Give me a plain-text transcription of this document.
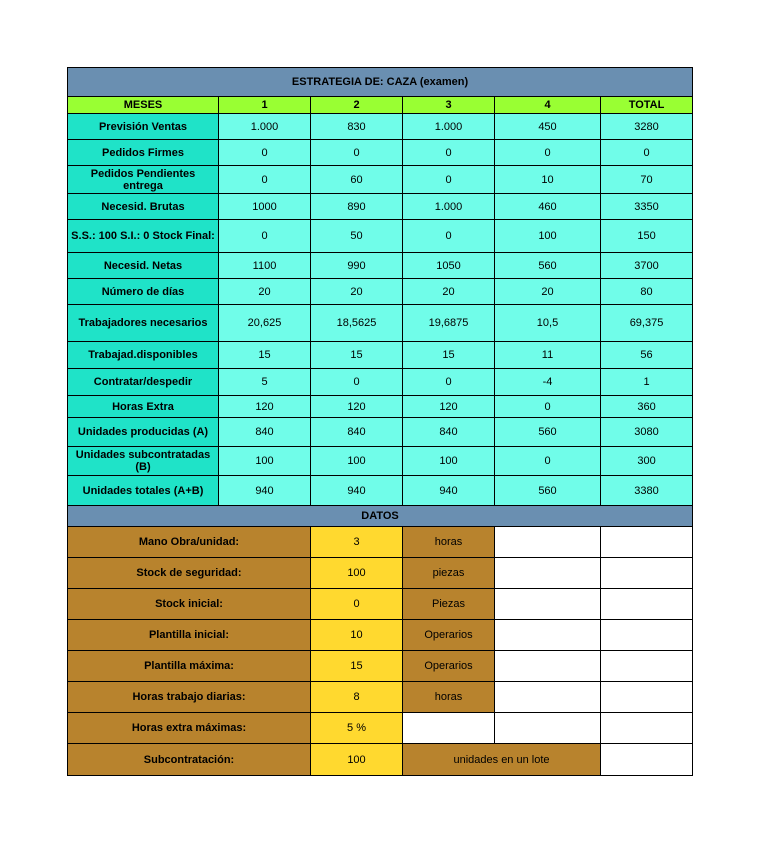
ESTRATEGIA DE: CAZA (examen)					
MESES	1	2	3	4	TOTAL
Previsión Ventas	1.000	830	1.000	450	3280
Pedidos Firmes	0	0	0	0	0
Pedidos Pendientes entrega	0	60	0	10	70
Necesid. Brutas	1000	890	1.000	460	3350
S.S.: 100 S.I.: 0 Stock Final:	0	50	0	100	150
Necesid. Netas	1100	990	1050	560	3700
Número de días	20	20	20	20	80
Trabajadores necesarios	20,625	18,5625	19,6875	10,5	69,375
Trabajad.disponibles	15	15	15	11	56
Contratar/despedir	5	0	0	-4	1
Horas Extra	120	120	120	0	360
Unidades producidas (A)	840	840	840	560	3080
Unidades subcontratadas (B)	100	100	100	0	300
Unidades totales (A+B)	940	940	940	560	3380
DATOS					
Mano Obra/unidad:		3	horas		
Stock de seguridad:		100	piezas		
Stock inicial:		0	Piezas		
Plantilla inicial:		10	Operarios		
Plantilla máxima:		15	Operarios		
Horas trabajo diarias:		8	horas		
Horas extra máximas:		5 %			
Subcontratación:		100	unidades en un lote		
